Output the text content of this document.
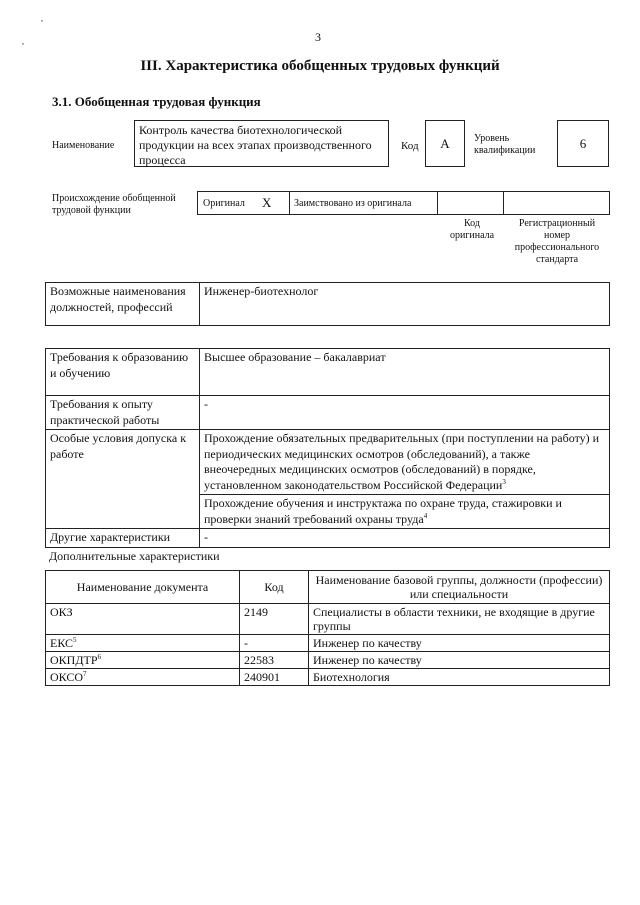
,
,	3
III. Характеристика обобщенных трудовых функций
3.1. Обобщенная трудовая функция
Наименование
Контроль качества биотехнологической продукции на всех этапах производственного процесса
Код	A	Уровень квалификации	6
Происхождение обобщенной трудовой функции
Оригинал X Заимствовано из оригинала
Код оригинала
Регистрационный номер профессионального стандарта
Возможные наименования должностей, профессий	Инженер-биотехнолог
Требования к образованию и обучению	Высшее образование – бакалавриат
Требования к опыту практической работы	-
Особые условия допуска к работе	Прохождение обязательных предварительных (при поступлении на работу) и периодических медицинских осмотров (обследований), а также внеочередных медицинских осмотров (обследований) в порядке, установленном законодательством Российской Федерации$^3$
	Прохождение обучения и инструктажа по охране труда, стажировки и проверки знаний требований охраны труда$^4$
Другие характеристики	-
Дополнительные характеристики
Наименование документа	Код	Наименование базовой группы, должности (профессии) или специальности
ОКЗ	2149	Специалисты в области техники, не входящие в другие группы
ЕКС$^5$	-	Инженер по качеству
ОКПДТР$^6$	22583	Инженер по качеству
ОКСО$^7$	240901	Биотехнология
